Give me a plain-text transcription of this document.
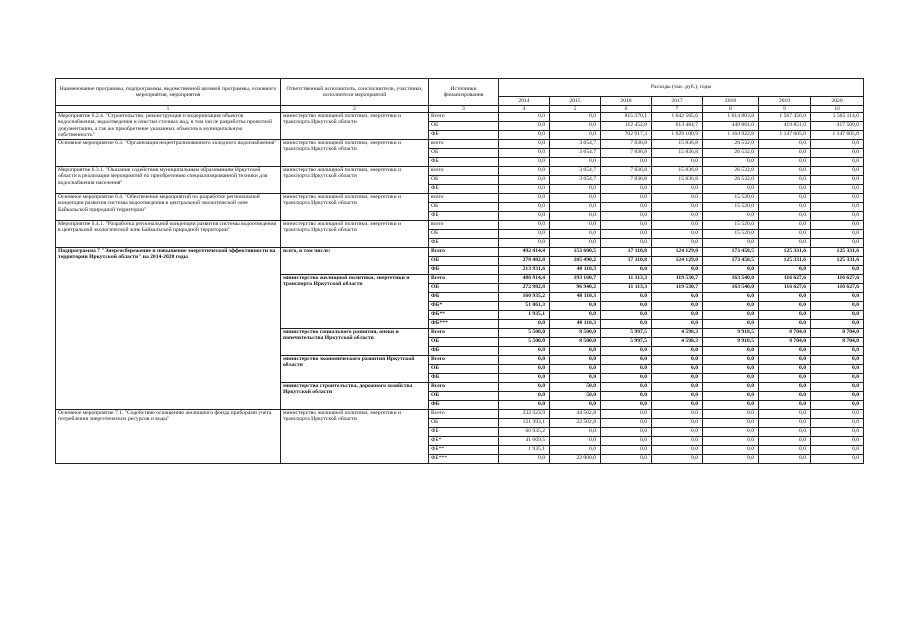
Наименование программы, подпрограммы, ведомственной целевой программы, основного мероприятия, мероприятия	Ответственный исполнитель, соисполнители, участники, исполнители мероприятий	Источники финансирования	Расходы (тыс. руб.), годы						
			2014	2015	2016	2017	2018	2019	2020
1	2	3	4	5	6	7	8	9	10
Мероприятие 6.2.4. "Строительство, реконструкция и модернизация объектов водоснабжения, водоотведения и очистки сточных вод, в том числе разработка проектной документации, а так же приобретение указанных объектов в муниципальную собственность"	министерство жилищной политики, энергетики и транспорта Иркутской области	Всего	0,0	0,0	815 370,1	1 642 585,6	1 614 803,8	1 567 456,0	1 565 114,0
		ОБ	0,0	0,0	112 452,8	613 484,7	449 881,0	419 851,0	417 509,0
		ФБ	0,0	0,0	702 917,3	1 029 100,9	1 164 922,8	1 147 605,0	1 147 605,0
Основное мероприятие 6.3. "Организация нецентрализованного холодного водоснабжения"	министерство жилищной политики, энергетики и транспорта Иркутской области	всего	0,0	3 654,7	7 836,8	15 836,8	26 532,0	0,0	0,0
		ОБ	0,0	3 654,7	7 836,8	15 836,8	26 532,0	0,0	0,0
		ФБ	0,0	0,0	0,0	0,0	0,0	0,0	0,0
Мероприятие 6.3.1. "Оказание содействия муниципальным образованиям Иркутской области в реализации мероприятий по приобретению специализированной техники для водоснабжения населения"	министерство жилищной политики, энергетики и транспорта Иркутской области	всего	0,0	3 654,7	7 836,8	15 836,8	26 532,0	0,0	0,0
		ОБ	0,0	3 654,7	7 836,8	15 836,8	26 532,0	0,0	0,0
		ФБ	0,0	0,0	0,0	0,0	0,0	0,0	0,0
Основное мероприятие 6.4. "Обеспечение мероприятий по разработке региональной концепции развития системы водоотведения в центральной экологической зоне Байкальской природной территории"	министерство жилищной политики, энергетики и транспорта Иркутской области	всего	0,0	0,0	0,0	0,0	15 520,0	0,0	0,0
		ОБ	0,0	0,0	0,0	0,0	15 520,0	0,0	0,0
		ФБ	0,0	0,0	0,0	0,0	0,0	0,0	0,0
Мероприятие 6.4.1. "Разработка региональной концепции развития системы водоотведения в центральной экологической зоне Байкальской природной территории"	министерство жилищной политики, энергетики и транспорта Иркутской области	всего	0,0	0,0	0,0	0,0	15 520,0	0,0	0,0
		ОБ	0,0	0,0	0,0	0,0	15 520,0	0,0	0,0
		ФБ	0,0	0,0	0,0	0,0	0,0	0,0	0,0
Подпрограмма 7 "Энергосбережение и повышение энергетической эффективности на территории Иркутской области" на 2014-2020 годы	всего, в том числе:	Всего	492 414,4	153 600,5	17 110,8	124 129,0	173 458,5	125 331,6	125 331,6
		ОБ	278 482,8	105 490,2	17 110,8	124 129,0	173 458,5	125 331,6	125 331,6
		ФБ	213 931,6	48 110,3	0,0	0,0	0,0	0,0	0,0
	министерство жилищной политики, энергетики и транспорта Иркутской области	Всего	486 914,4	193 160,7	11 113,3	119 530,7	163 540,0	116 627,6	116 627,6
		ОБ	272 982,8	96 940,2	11 113,3	119 530,7	163 540,0	116 627,6	116 627,6
		ФБ	160 935,2	48 110,3	0,0	0,0	0,0	0,0	0,0
		ФБ*	51 061,3	0,0	0,0	0,0	0,0	0,0	0,0
		ФБ**	1 935,1	0,0	0,0	0,0	0,0	0,0	0,0
		ФБ***	0,0	48 110,3	0,0	0,0	0,0	0,0	0,0
	министерство социального развития, опеки и попечительства Иркутской области	Всего	5 500,0	8 500,0	5 997,5	4 598,3	9 918,5	8 704,0	8 704,0
		ОБ	5 500,0	8 500,0	5 997,5	4 598,3	9 918,5	8 704,0	8 704,0
		ФБ	0,0	0,0	0,0	0,0	0,0	0,0	0,0
	министерство экономического развития Иркутской области	Всего	0,0	0,0	0,0	0,0	0,0	0,0	0,0
		ОБ	0,0	0,0	0,0	0,0	0,0	0,0	0,0
		ФБ	0,0	0,0	0,0	0,0	0,0	0,0	0,0
	министерство строительства, дорожного хозяйства Иркутской области	Всего	0,0	50,0	0,0	0,0	0,0	0,0	0,0
		ОБ	0,0	50,0	0,0	0,0	0,0	0,0	0,0
		ФБ	0,0	0,0	0,0	0,0	0,0	0,0	0,0
Основное мероприятие 7.1. "Содействие оснащению жилищного фонда приборами учета потребления энергетических ресурсов и воды"	министерство жилищной политики, энергетики и транспорта Иркутской области	Всего	232 323,9	44 502,8	0,0	0,0	0,0	0,0	0,0
		ОБ	121 393,1	22 502,8	0,0	0,0	0,0	0,0	0,0
		ФБ	66 935,2	0,0	0,0	0,0	0,0	0,0	0,0
		ФБ*	41 669,5	0,0	0,0	0,0	0,0	0,0	0,0
		ФБ**	1 935,1	0,0	0,0	0,0	0,0	0,0	0,0
		ФБ***	0,0	22 000,0	0,0	0,0	0,0	0,0	0,0
